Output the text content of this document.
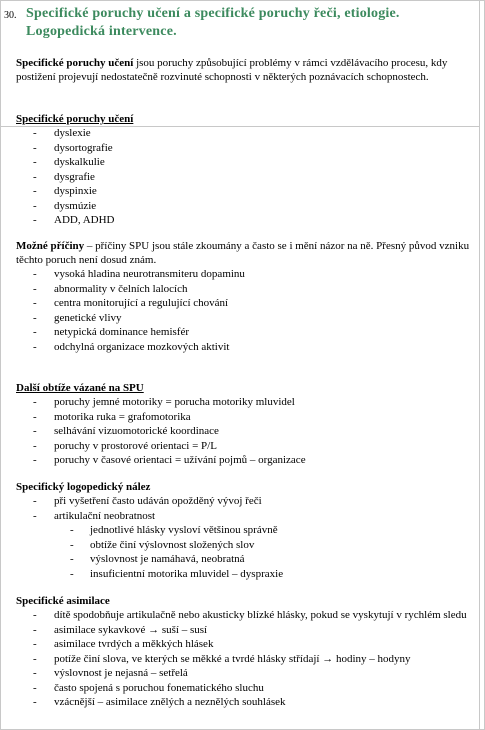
30. Specifické poruchy učení a specifické poruchy řeči, etiologie. Logopedická intervence.
Specifické poruchy učení jsou poruchy způsobující problémy v rámci vzdělávacího procesu, kdy postižení projevují nedostatečně rozvinuté schopnosti v některých poznávacích schopnostech.
Specifické poruchy učení
- dyslexie
- dysortografie
- dyskalkulie
- dysgrafie
- dyspinxie
- dysmúzie
- ADD, ADHD
Možné příčiny – příčiny SPU jsou stále zkoumány a často se i mění názor na ně. Přesný původ vzniku těchto poruch není dosud znám.
- vysoká hladina neurotransmiteru dopaminu
- abnormality v čelních lalocích
- centra monitorující a regulující chování
- genetické vlivy
- netypická dominance hemisfér
- odchylná organizace mozkových aktivit
Další obtíže vázané na SPU
- poruchy jemné motoriky = porucha motoriky mluvidel
- motorika ruka = grafomotorika
- selhávání vizuomotorické koordinace
- poruchy v prostorové orientaci = P/L
- poruchy v časové orientaci = užívání pojmů – organizace
Specifický logopedický nález
- při vyšetření často udáván opožděný vývoj řeči
- artikulační neobratnost
- jednotlivé hlásky vysloví většinou správně
- obtíže činí výslovnost složených slov
- výslovnost je namáhavá, neobratná
- insuficientní motorika mluvidel – dyspraxie
Specifické asimilace
- dítě spodobňuje artikulačně nebo akusticky blízké hlásky, pokud se vyskytují v rychlém sledu
- asimilace sykavkové → suší – susí
- asimilace tvrdých a měkkých hlásek
- potíže činí slova, ve kterých se měkké a tvrdé hlásky střídají → hodiny – hodyny
- výslovnost je nejasná – setřelá
- často spojená s poruchou fonematického sluchu
- vzácnější – asimilace znělých a neznělých souhlásek
